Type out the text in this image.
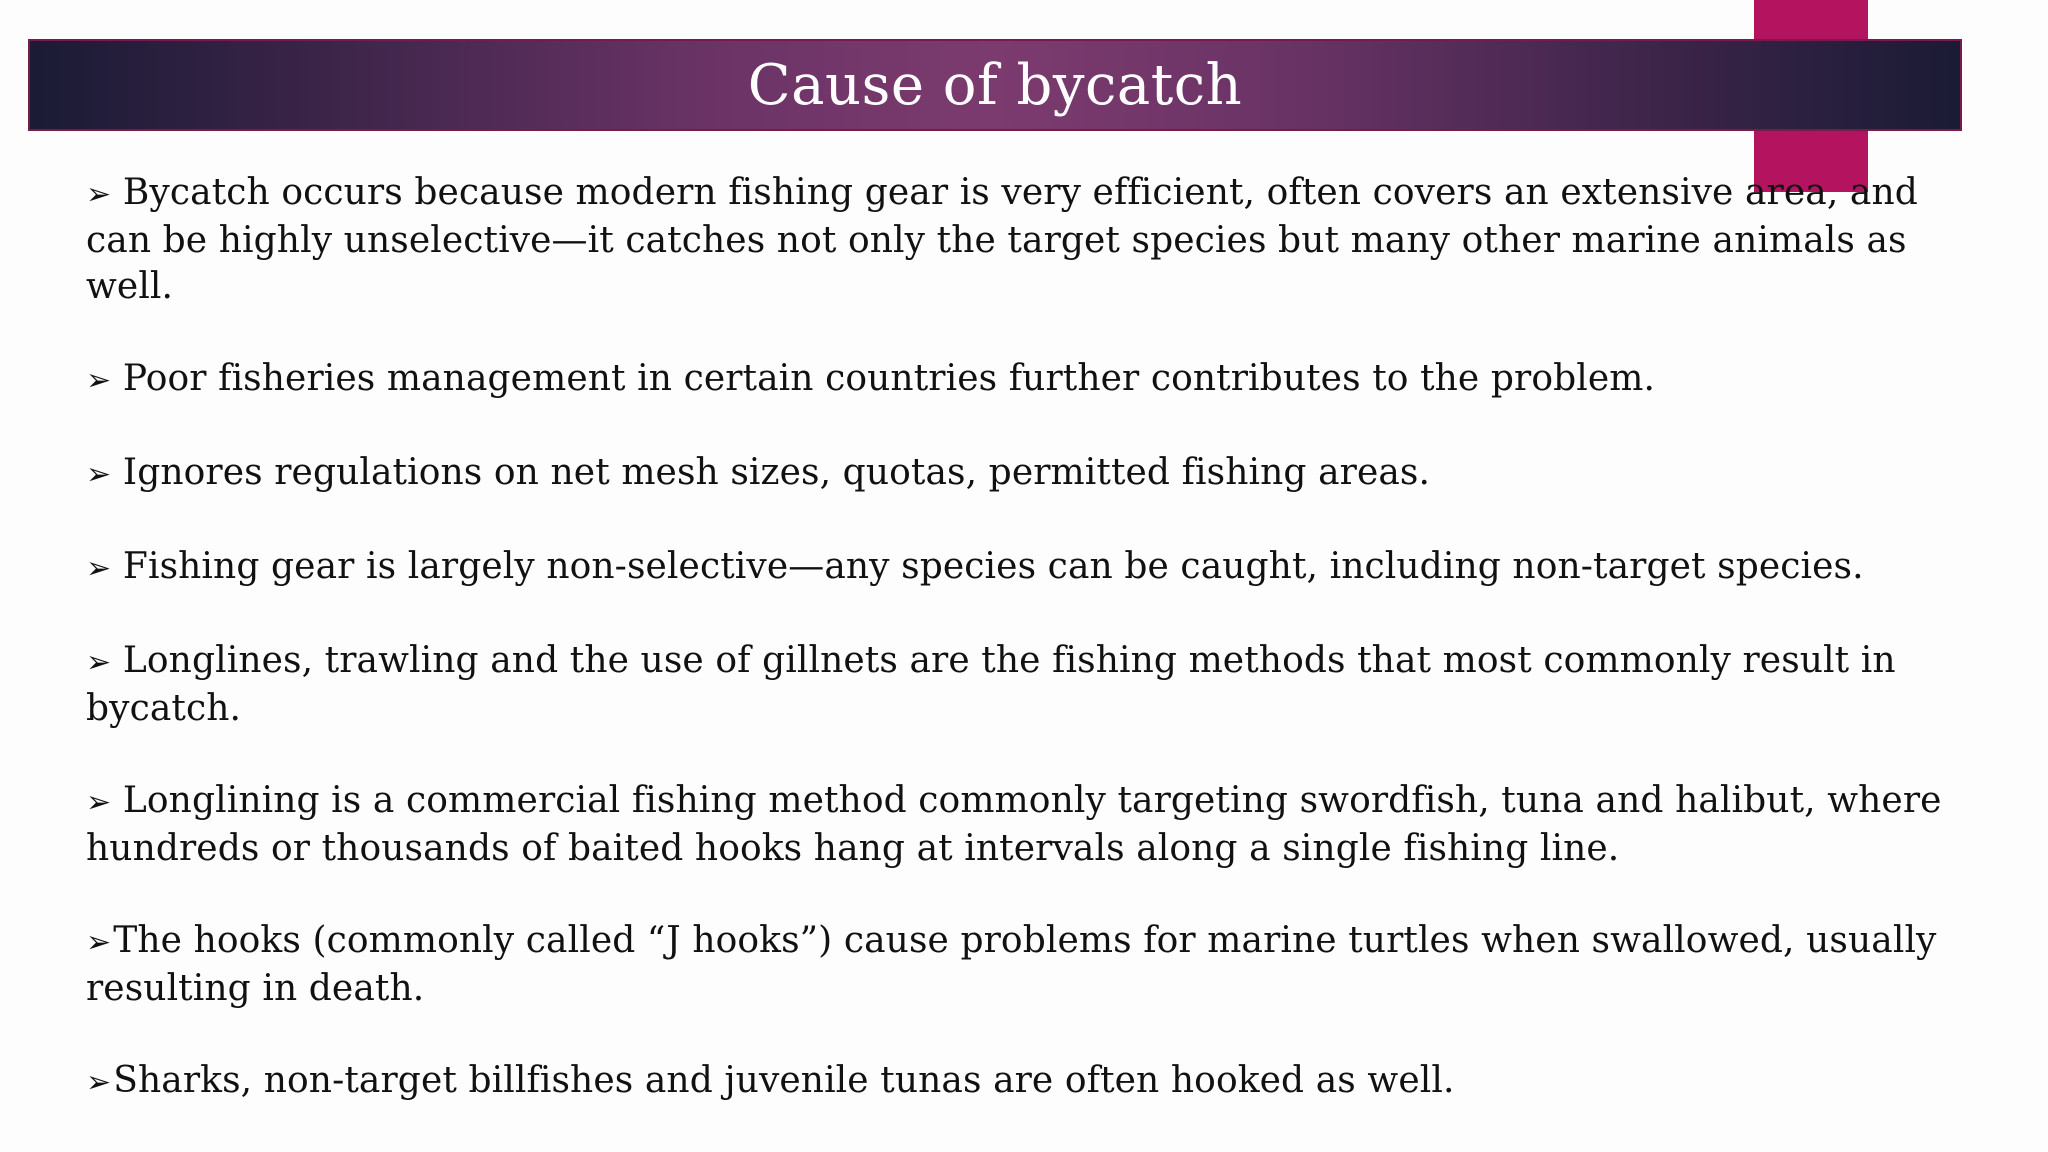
Cause of bycatch

➢ Bycatch occurs because modern fishing gear is very efficient, often covers an extensive area, and can be highly unselective—it catches not only the target species but many other marine animals as well.

➢ Poor fisheries management in certain countries further contributes to the problem.

➢ Ignores regulations on net mesh sizes, quotas, permitted fishing areas.

➢ Fishing gear is largely non-selective—any species can be caught, including non-target species.

➢ Longlines, trawling and the use of gillnets are the fishing methods that most commonly result in bycatch.

➢ Longlining is a commercial fishing method commonly targeting swordfish, tuna and halibut, where hundreds or thousands of baited hooks hang at intervals along a single fishing line.

➢The hooks (commonly called “J hooks”) cause problems for marine turtles when swallowed, usually resulting in death.

➢Sharks, non-target billfishes and juvenile tunas are often hooked as well.
